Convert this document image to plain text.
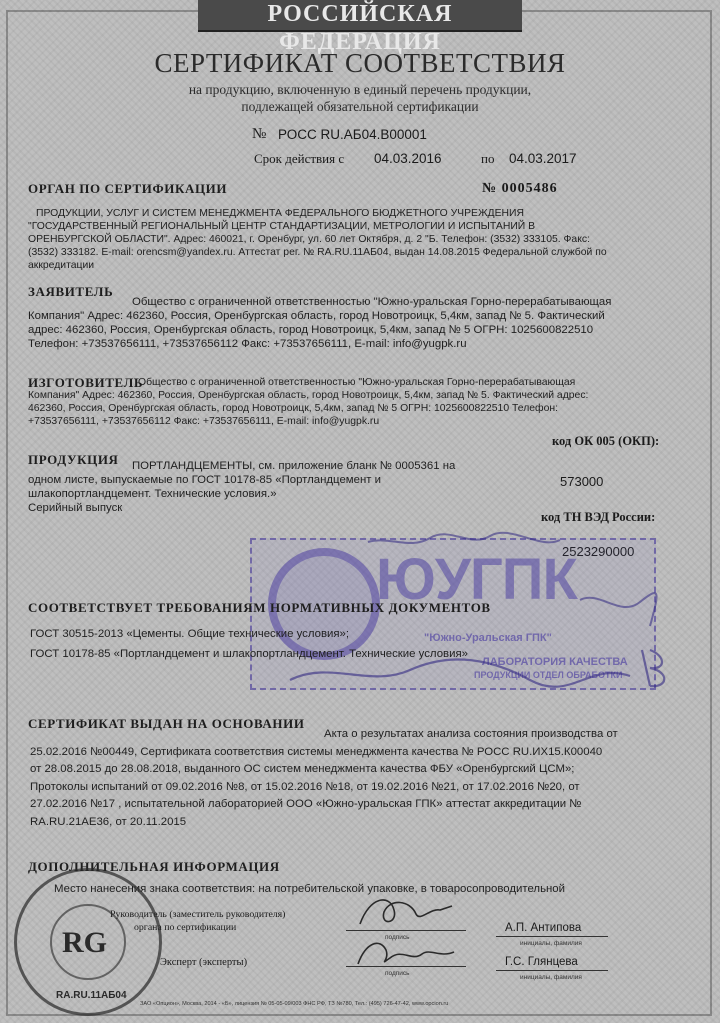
РОССИЙСКАЯ ФЕДЕРАЦИЯ
СЕРТИФИКАТ СООТВЕТСТВИЯ
на продукцию, включенную в единый перечень продукции,
подлежащей обязательной сертификации
№ РОСС RU.АБ04.В00001
Срок действия с 04.03.2016	по 04.03.2017
ОРГАН ПО СЕРТИФИКАЦИИ	№ 0005486
ПРОДУКЦИИ, УСЛУГ И СИСТЕМ МЕНЕДЖМЕНТА ФЕДЕРАЛЬНОГО БЮДЖЕТНОГО УЧРЕЖДЕНИЯ
"ГОСУДАРСТВЕННЫЙ РЕГИОНАЛЬНЫЙ ЦЕНТР СТАНДАРТИЗАЦИИ, МЕТРОЛОГИИ И ИСПЫТАНИЙ В
ОРЕНБУРГСКОЙ ОБЛАСТИ". Адрес: 460021, г. Оренбург, ул. 60 лет Октября, д. 2 "Б. Телефон: (3532) 333105. Факс:
(3532) 333182. E-mail: orencsm@yandex.ru. Аттестат рег. № RA.RU.11АБ04, выдан 14.08.2015 Федеральной службой по
аккредитации
ЗАЯВИТЕЛЬ
Общество с ограниченной ответственностью "Южно-уральская Горно-перерабатывающая
Компания" Адрес: 462360, Россия, Оренбургская область, город Новотроицк, 5,4км, запад № 5. Фактический
адрес: 462360, Россия, Оренбургская область, город Новотроицк, 5,4км, запад № 5 ОГРН: 1025600822510
Телефон: +73537656111, +73537656112 Факс: +73537656111, E-mail: info@yugpk.ru
ИЗГОТОВИТЕЛЬ
Общество с ограниченной ответственностью "Южно-уральская Горно-перерабатывающая
Компания" Адрес: 462360, Россия, Оренбургская область, город Новотроицк, 5,4км, запад № 5. Фактический адрес:
462360, Россия, Оренбургская область, город Новотроицк, 5,4км, запад № 5 ОГРН: 1025600822510 Телефон:
+73537656111, +73537656112 Факс: +73537656111, E-mail: info@yugpk.ru
код ОК 005 (ОКП):
ПРОДУКЦИЯ	ПОРТЛАНДЦЕМЕНТЫ, см. приложение бланк № 0005361 на
одном листе, выпускаемые по ГОСТ 10178-85 «Портландцемент и
шлакопортландцемент. Технические условия.»
Серийный выпуск
573000
код ТН ВЭД России:
2523290000
ЮУГПК
"Южно-Уральская ГПК"
ЛАБОРАТОРИЯ КАЧЕСТВА
ПРОДУКЦИИ ОТДЕЛ ОБРАБОТКИ
СООТВЕТСТВУЕТ ТРЕБОВАНИЯМ НОРМАТИВНЫХ ДОКУМЕНТОВ
ГОСТ 30515-2013 «Цементы. Общие технические условия»;
ГОСТ 10178-85 «Портландцемент и шлакопортландцемент. Технические условия»
СЕРТИФИКАТ ВЫДАН НА ОСНОВАНИИ
Акта о результатах анализа состояния производства от
25.02.2016 №00449, Сертификата соответствия системы менеджмента качества № РОСС RU.ИХ15.К00040
от 28.08.2015 до 28.08.2018, выданного ОС систем менеджмента качества ФБУ «Оренбургский ЦСМ»;
Протоколы испытаний от 09.02.2016 №8, от 15.02.2016 №18, от 19.02.2016 №21, от 17.02.2016 №20, от
27.02.2016 №17 , испытательной лабораторией ООО «Южно-уральская ГПК» аттестат аккредитации №
RA.RU.21АЕ36, от 20.11.2015
ДОПОЛНИТЕЛЬНАЯ ИНФОРМАЦИЯ
Место нанесения знака соответствия: на потребительской упаковке, в товаросопроводительной
Руководитель (заместитель руководителя)
органа по сертификации
подпись
А.П. Антипова
инициалы, фамилия
Эксперт (эксперты)
подпись
Г.С. Глянцева
инициалы, фамилия
RG
RA.RU.11АБ04
ЗАО «Опцион», Москва, 2014 - «Б», лицензия № 05-05-09/003 ФНС РФ, ТЗ №780, Тел.: (495) 726-47-42, www.opcion.ru
